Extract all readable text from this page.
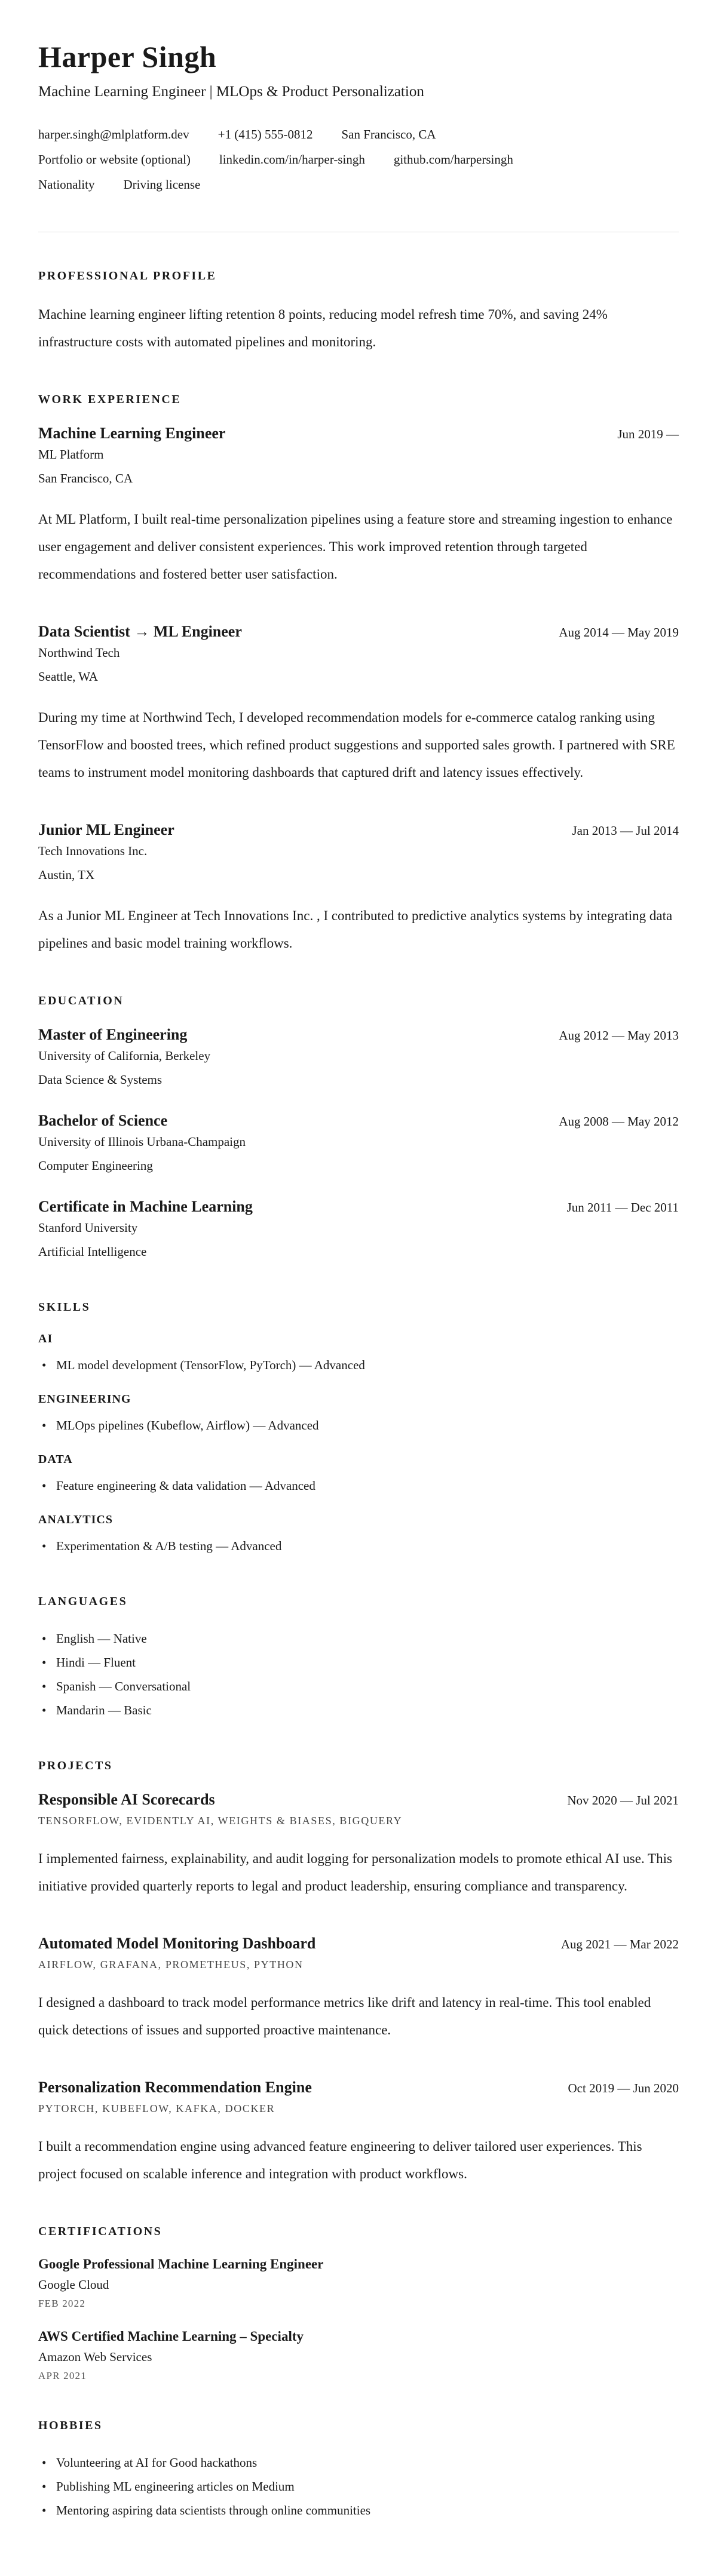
Harper Singh

Machine Learning Engineer | MLOps & Product Personalization

harper.singh@mlplatform.dev +1 (415) 555-0812 San Francisco, CA
Portfolio or website (optional) linkedin.com/in/harper-singh github.com/harpersingh
Nationality Driving license
PROFESSIONAL PROFILE

Machine learning engineer lifting retention 8 points, reducing model refresh time 70%, and saving 24% infrastructure costs with automated pipelines and monitoring.

WORK EXPERIENCE
Machine Learning Engineer	Jun 2019 —
ML Platform
San Francisco, CA

At ML Platform, I built real-time personalization pipelines using a feature store and streaming ingestion to enhance user engagement and deliver consistent experiences. This work improved retention through targeted recommendations and fostered better user satisfaction.

Data Scientist → ML Engineer	Aug 2014 — May 2019
Northwind Tech
Seattle, WA

During my time at Northwind Tech, I developed recommendation models for e-commerce catalog ranking using TensorFlow and boosted trees, which refined product suggestions and supported sales growth. I partnered with SRE teams to instrument model monitoring dashboards that captured drift and latency issues effectively.

Junior ML Engineer	Jan 2013 — Jul 2014
Tech Innovations Inc.
Austin, TX

As a Junior ML Engineer at Tech Innovations Inc. , I contributed to predictive analytics systems by integrating data pipelines and basic model training workflows.

EDUCATION
Master of Engineering	Aug 2012 — May 2013
University of California, Berkeley
Data Science & Systems
Bachelor of Science	Aug 2008 — May 2012
University of Illinois Urbana-Champaign
Computer Engineering
Certificate in Machine Learning	Jun 2011 — Dec 2011
Stanford University
Artificial Intelligence
SKILLS
AI
• ML model development (TensorFlow, PyTorch) — Advanced
ENGINEERING
• MLOps pipelines (Kubeflow, Airflow) — Advanced
DATA
• Feature engineering & data validation — Advanced
ANALYTICS
• Experimentation & A/B testing — Advanced
LANGUAGES
• English — Native
• Hindi — Fluent
• Spanish — Conversational
• Mandarin — Basic
PROJECTS
Responsible AI Scorecards	Nov 2020 — Jul 2021
TENSORFLOW, EVIDENTLY AI, WEIGHTS & BIASES, BIGQUERY

I implemented fairness, explainability, and audit logging for personalization models to promote ethical AI use. This initiative provided quarterly reports to legal and product leadership, ensuring compliance and transparency.

Automated Model Monitoring Dashboard	Aug 2021 — Mar 2022
AIRFLOW, GRAFANA, PROMETHEUS, PYTHON

I designed a dashboard to track model performance metrics like drift and latency in real-time. This tool enabled quick detections of issues and supported proactive maintenance.

Personalization Recommendation Engine	Oct 2019 — Jun 2020
PYTORCH, KUBEFLOW, KAFKA, DOCKER

I built a recommendation engine using advanced feature engineering to deliver tailored user experiences. This project focused on scalable inference and integration with product workflows.

CERTIFICATIONS
Google Professional Machine Learning Engineer
Google Cloud
FEB 2022
AWS Certified Machine Learning – Specialty
Amazon Web Services
APR 2021
HOBBIES
• Volunteering at AI for Good hackathons
• Publishing ML engineering articles on Medium
• Mentoring aspiring data scientists through online communities
